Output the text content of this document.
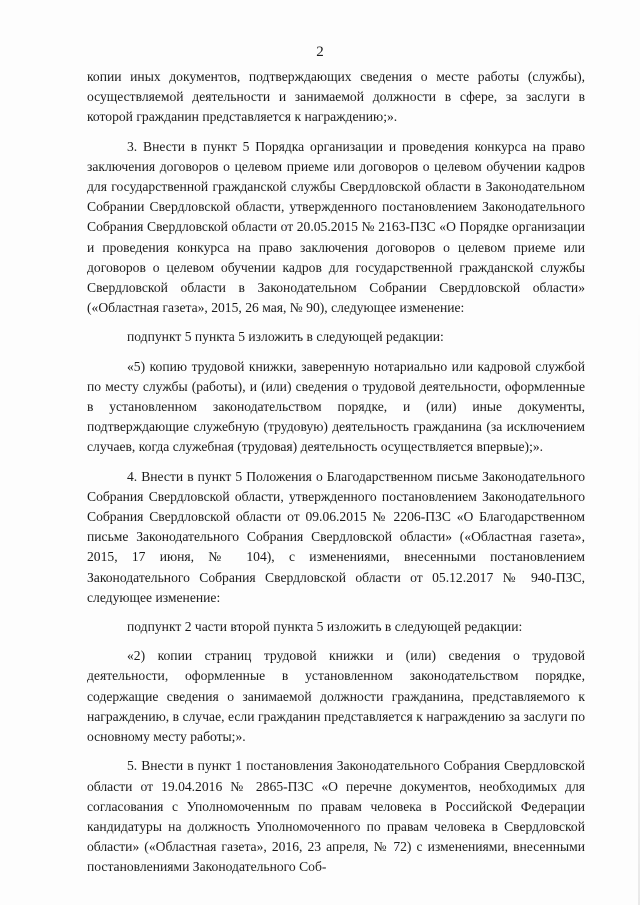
2

копии иных документов, подтверждающих сведения о месте работы (службы), осуществляемой деятельности и занимаемой должности в сфере, за заслуги в которой гражданин представляется к награждению;».

3. Внести в пункт 5 Порядка организации и проведения конкурса на право заключения договоров о целевом приеме или договоров о целевом обучении кадров для государственной гражданской службы Свердловской области в Законодательном Собрании Свердловской области, утвержденного постановлением Законодательного Собрания Свердловской области от 20.05.2015 № 2163-ПЗС «О Порядке организации и проведения конкурса на право заключения договоров о целевом приеме или договоров о целевом обучении кадров для государственной гражданской службы Свердловской области в Законодательном Собрании Свердловской области» («Областная газета», 2015, 26 мая, № 90), следующее изменение:

подпункт 5 пункта 5 изложить в следующей редакции:

«5) копию трудовой книжки, заверенную нотариально или кадровой службой по месту службы (работы), и (или) сведения о трудовой деятельности, оформленные в установленном законодательством порядке, и (или) иные документы, подтверждающие служебную (трудовую) деятельность гражданина (за исключением случаев, когда служебная (трудовая) деятельность осуществляется впервые);».

4. Внести в пункт 5 Положения о Благодарственном письме Законодательного Собрания Свердловской области, утвержденного постановлением Законодательного Собрания Свердловской области от 09.06.2015 № 2206-ПЗС «О Благодарственном письме Законодательного Собрания Свердловской области» («Областная газета», 2015, 17 июня, № 104), с изменениями, внесенными постановлением Законодательного Собрания Свердловской области от 05.12.2017 № 940-ПЗС, следующее изменение:

подпункт 2 части второй пункта 5 изложить в следующей редакции:

«2) копии страниц трудовой книжки и (или) сведения о трудовой деятельности, оформленные в установленном законодательством порядке, содержащие сведения о занимаемой должности гражданина, представляемого к награждению, в случае, если гражданин представляется к награждению за заслуги по основному месту работы;».

5. Внести в пункт 1 постановления Законодательного Собрания Свердловской области от 19.04.2016 № 2865-ПЗС «О перечне документов, необходимых для согласования с Уполномоченным по правам человека в Российской Федерации кандидатуры на должность Уполномоченного по правам человека в Свердловской области» («Областная газета», 2016, 23 апреля, № 72) с изменениями, внесенными постановлениями Законодательного Соб-
